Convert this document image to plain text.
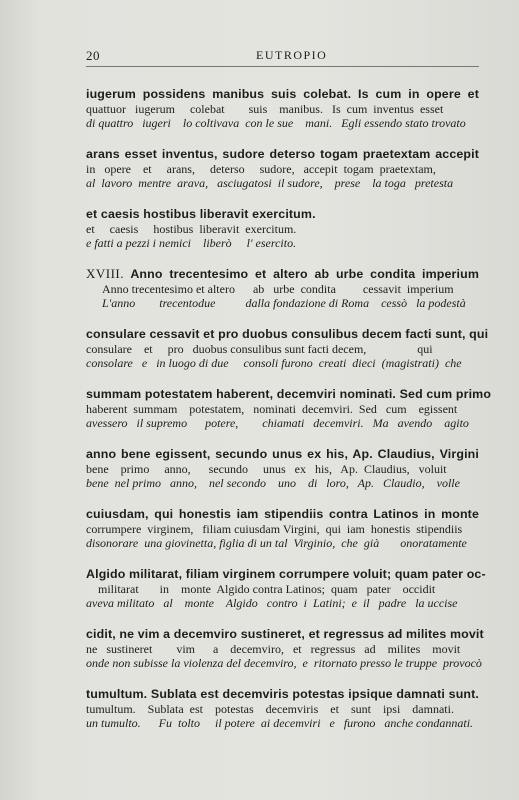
20	EUTROPIO
iugerum possidens manibus suis colebat. Is cum in opere et
quattuor   iugerum     colebat        suis    manibus.   Is  cum  inventus  esset
di quattro   iugeri    lo coltivava  con le sue    mani.   Egli essendo stato trovato
arans esset inventus, sudore deterso togam praetextam accepit
in   opere    et     arans,     deterso     sudore,   accepit  togam  praetextam,
al  lavoro  mentre  arava,   asciugatosi  il sudore,    prese    la toga   pretesta
et caesis hostibus liberavit exercitum.
et     caesis     hostibus  liberavit  exercitum.
e fatti a pezzi i nemici    liberò     l' esercito.
XVIII. Anno trecentesimo et altero ab urbe condita imperium
Anno trecentesimo et altero      ab   urbe  condita         cessavit  imperium
L'anno        trecentodue          dalla fondazione di Roma    cessò   la podestà
consulare cessavit et pro duobus consulibus decem facti sunt, qui
consulare    et     pro   duobus consulibus sunt facti decem,                 qui
consolare   e   in luogo di due     consoli furono  creati  dieci  (magistrati)  che
summam potestatem haberent, decemviri nominati. Sed cum primo
haberent  summam    potestatem,   nominati  decemviri.  Sed   cum    egissent
avessero   il supremo      potere,        chiamati   decemviri.   Ma   avendo    agito
anno bene egissent, secundo unus ex his, Ap. Claudius, Virgini
bene    primo     anno,      secundo     unus   ex   his,   Ap.  Claudius,   voluit
bene  nel primo   anno,    nel secondo    uno    di   loro,   Ap.   Claudio,    volle
cuiusdam, qui honestis iam stipendiis contra Latinos in monte
corrumpere  virginem,   filiam cuiusdam Virgini,  qui  iam  honestis  stipendiis
disonorare  una giovinetta, figlia di un tal  Virginio,  che  già       onoratamente
Algido militarat, filiam virginem corrumpere voluit; quam pater oc-
militarat       in    monte  Algido contra Latinos;  quam   pater    occidit
aveva militato   al    monte    Algido   contro  i  Latini;  e  il   padre   la uccise
cidit, ne vim a decemviro sustineret, et regressus ad milites movit
ne   sustineret        vim      a    decemviro,   et   regressus   ad    milites    movit
onde non subisse la violenza del decemviro,  e  ritornato presso le truppe  provocò
tumultum. Sublata est decemviris potestas ipsique damnati sunt.
tumultum.    Sublata  est    potestas    decemviris    et    sunt    ipsi    damnati.
un tumulto.      Fu  tolto     il potere  ai decemviri   e   furono   anche condannati.
